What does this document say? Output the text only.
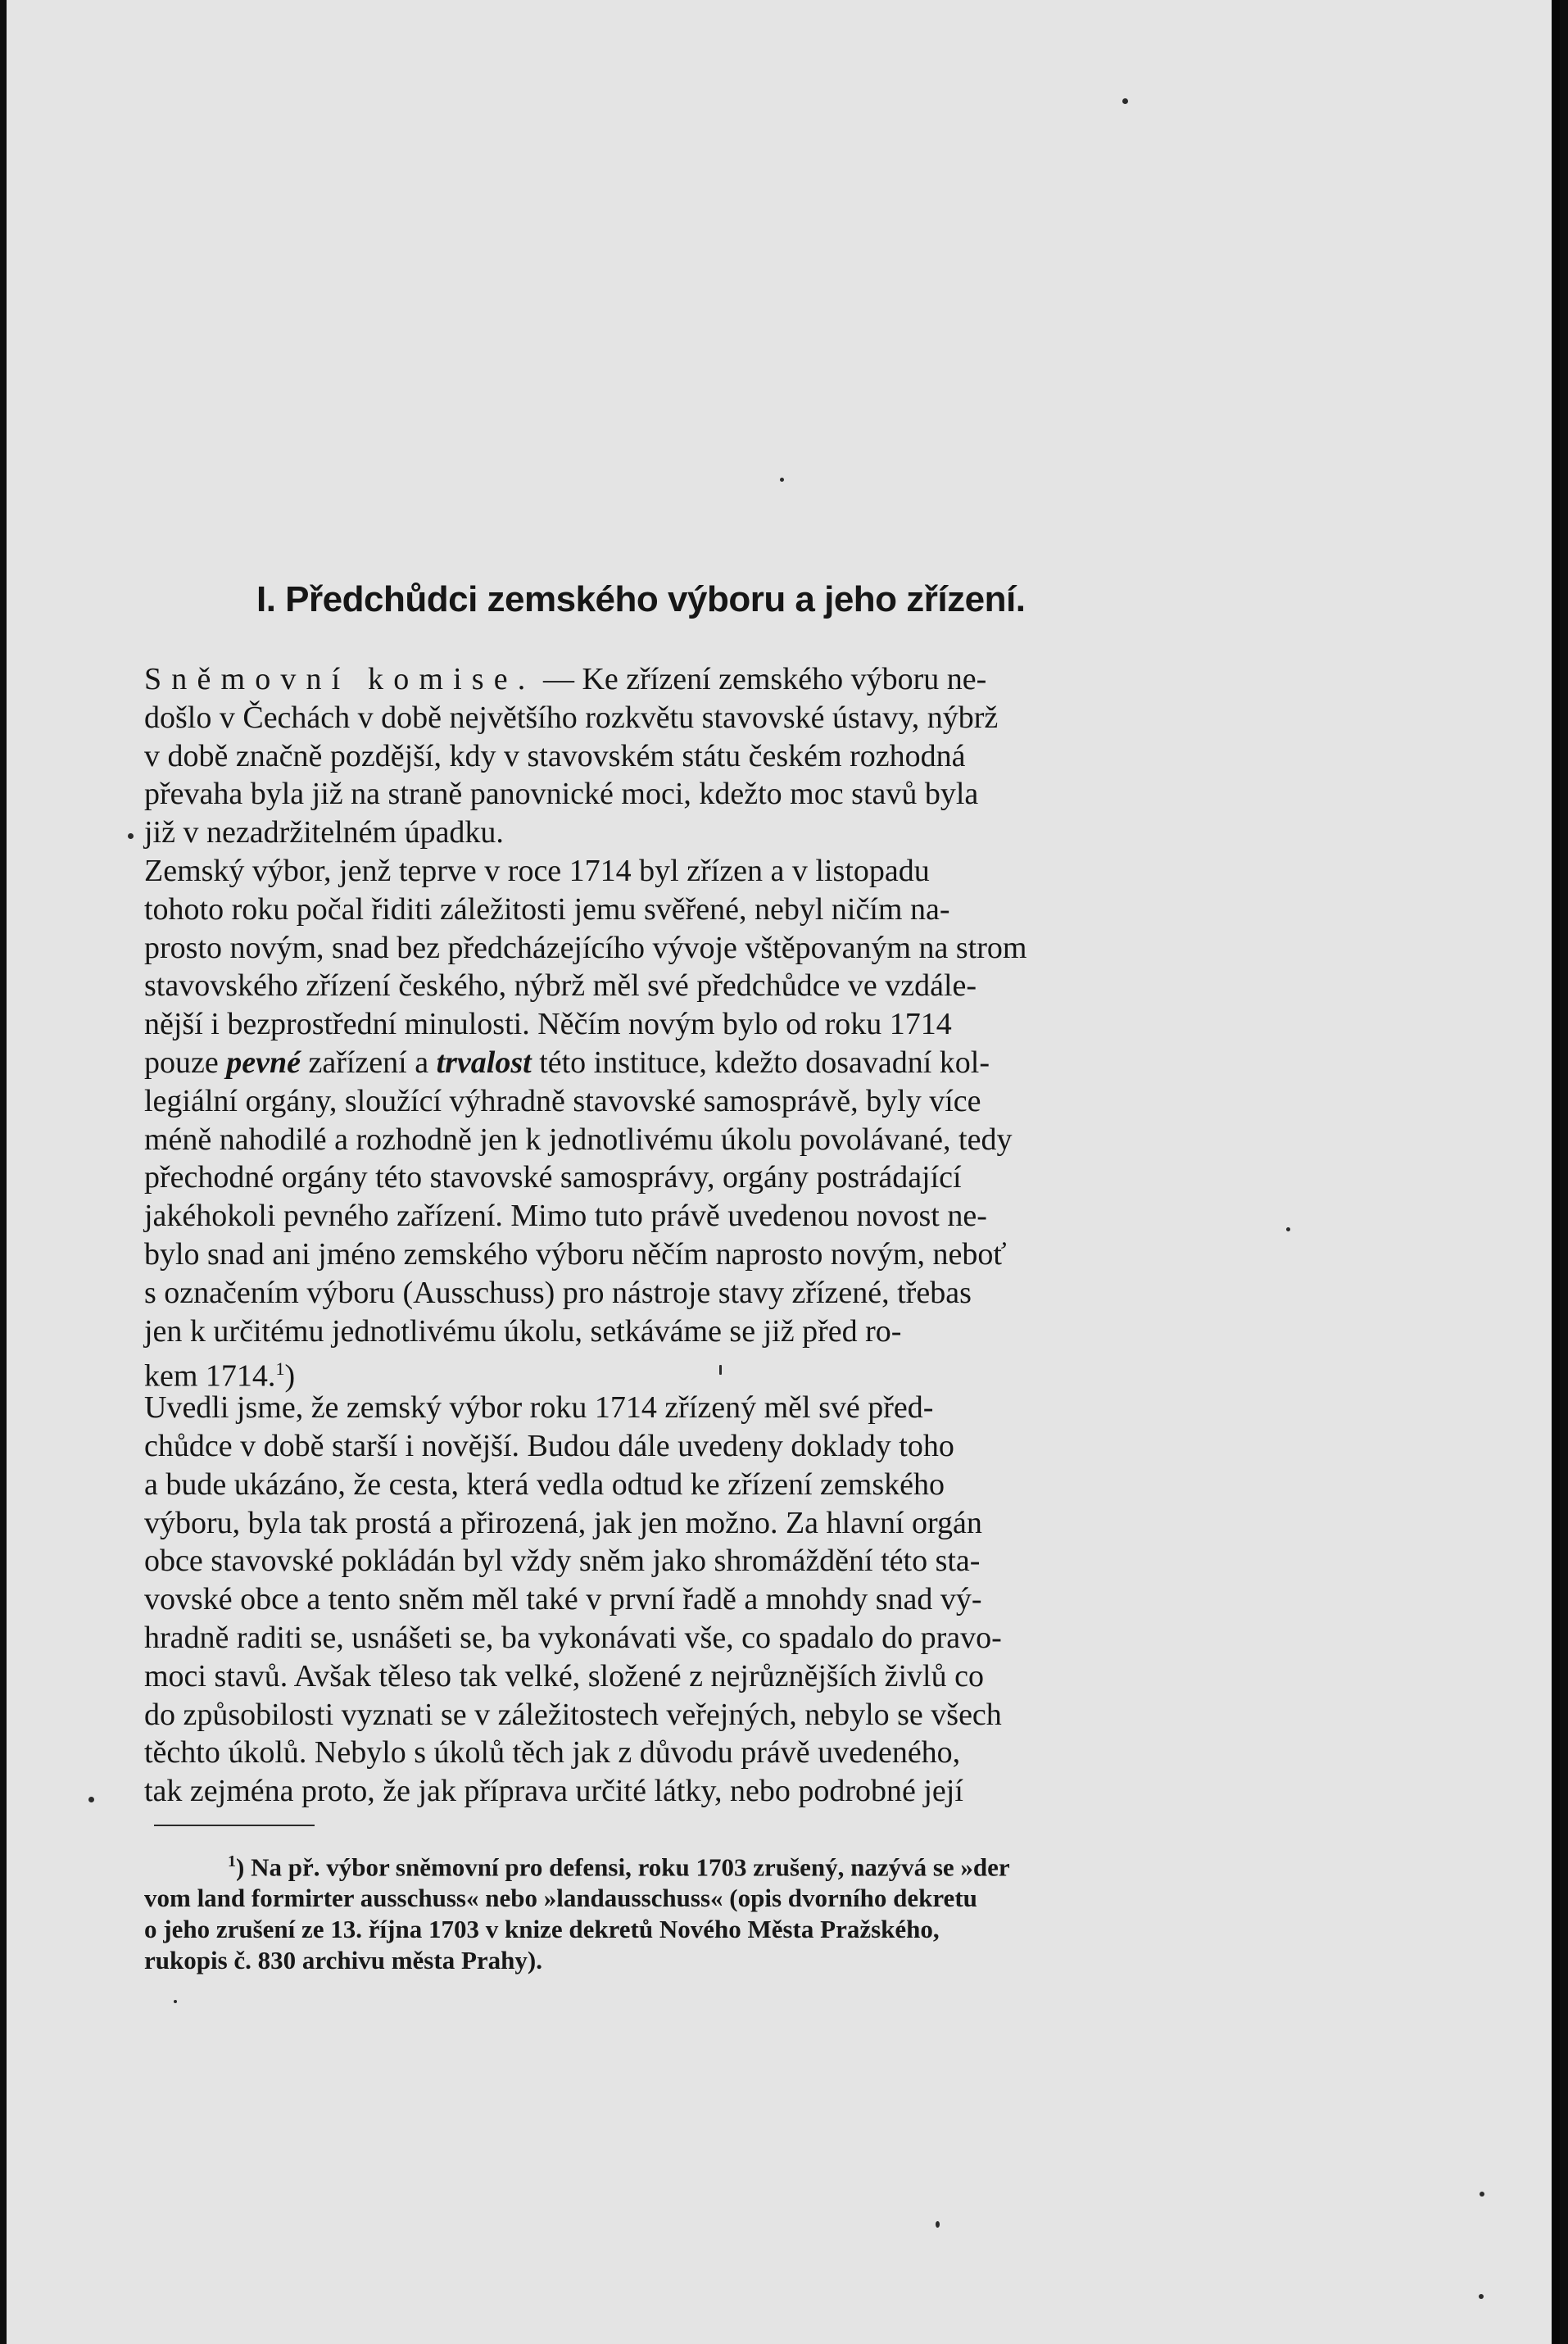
I. Předchůdci zemského výboru a jeho zřízení.
Sněmovní komise. — Ke zřízení zemského výboru ne-
došlo v Čechách v době největšího rozkvětu stavovské ústavy, nýbrž
v době značně pozdější, kdy v stavovském státu českém rozhodná
převaha byla již na straně panovnické moci, kdežto moc stavů byla
již v nezadržitelném úpadku.
Zemský výbor, jenž teprve v roce 1714 byl zřízen a v listopadu
tohoto roku počal řiditi záležitosti jemu svěřené, nebyl ničím na-
prosto novým, snad bez předcházejícího vývoje vštěpovaným na strom
stavovského zřízení českého, nýbrž měl své předchůdce ve vzdále-
nější i bezprostřední minulosti. Něčím novým bylo od roku 1714
pouze pevné zařízení a trvalost této instituce, kdežto dosavadní kol-
legiální orgány, sloužící výhradně stavovské samosprávě, byly více
méně nahodilé a rozhodně jen k jednotlivému úkolu povolávané, tedy
přechodné orgány této stavovské samosprávy, orgány postrádající
jakéhokoli pevného zařízení. Mimo tuto právě uvedenou novost ne-
bylo snad ani jméno zemského výboru něčím naprosto novým, neboť
s označením výboru (Ausschuss) pro nástroje stavy zřízené, třebas
jen k určitému jednotlivému úkolu, setkáváme se již před ro-
kem 1714.$^1$)
Uvedli jsme, že zemský výbor roku 1714 zřízený měl své před-
chůdce v době starší i novější. Budou dále uvedeny doklady toho
a bude ukázáno, že cesta, která vedla odtud ke zřízení zemského
výboru, byla tak prostá a přirozená, jak jen možno. Za hlavní orgán
obce stavovské pokládán byl vždy sněm jako shromáždění této sta-
vovské obce a tento sněm měl také v první řadě a mnohdy snad vý-
hradně raditi se, usnášeti se, ba vykonávati vše, co spadalo do pravo-
moci stavů. Avšak těleso tak velké, složené z nejrůznějších živlů co
do způsobilosti vyznati se v záležitostech veřejných, nebylo se všech
těchto úkolů. Nebylo s úkolů těch jak z důvodu právě uvedeného,
tak zejména proto, že jak příprava určité látky, nebo podrobné její
$^1$) Na př. výbor sněmovní pro defensi, roku 1703 zrušený, nazývá se »der
vom land formirter ausschuss« nebo »landausschuss« (opis dvorního dekretu
o jeho zrušení ze 13. října 1703 v knize dekretů Nového Města Pražského,
rukopis č. 830 archivu města Prahy).
